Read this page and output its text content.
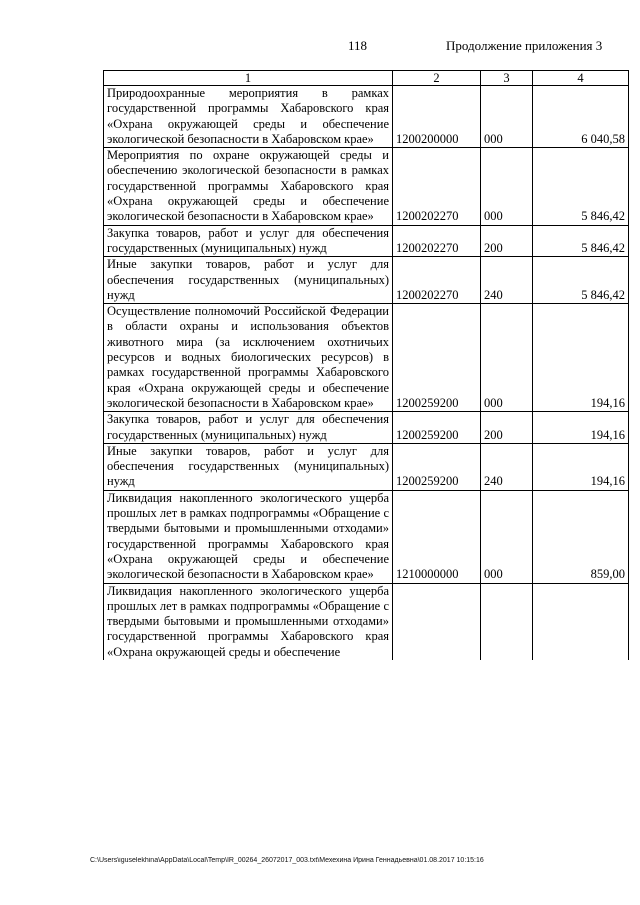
118	Продолжение приложения 3
1	2	3	4
Природоохранные мероприятия в рамках государственной программы Хабаровского края «Охрана окружающей среды и обеспечение экологической безопасности в Хабаровском крае»	1200200000	000	6 040,58
Мероприятия по охране окружающей среды и обеспечению экологической безопасности в рамках государственной программы Хабаровского края «Охрана окружающей среды и обеспечение экологической безопасности в Хабаровском крае»	1200202270	000	5 846,42
Закупка товаров, работ и услуг для обеспечения государственных (муниципальных) нужд	1200202270	200	5 846,42
Иные закупки товаров, работ и услуг для обеспечения государственных (муниципальных) нужд	1200202270	240	5 846,42
Осуществление полномочий Российской Федерации в области охраны и использования объектов животного мира (за исключением охотничьих ресурсов и водных биологических ресурсов) в рамках государственной программы Хабаровского края «Охрана окружающей среды и обеспечение экологической безопасности в Хабаровском крае»	1200259200	000	194,16
Закупка товаров, работ и услуг для обеспечения государственных (муниципальных) нужд	1200259200	200	194,16
Иные закупки товаров, работ и услуг для обеспечения государственных (муниципальных) нужд	1200259200	240	194,16
Ликвидация накопленного экологического ущерба прошлых лет в рамках подпрограммы «Обращение с твердыми бытовыми и промышленными отходами» государственной программы Хабаровского края «Охрана окружающей среды и обеспечение экологической безопасности в Хабаровском крае»	1210000000	000	859,00
Ликвидация накопленного экологического ущерба прошлых лет в рамках подпрограммы «Обращение с твердыми бытовыми и промышленными отходами» государственной программы Хабаровского края «Охрана окружающей среды и обеспечение			
C:\Users\iguselekhina\AppData\Local\Temp\IR_00264_26072017_003.txt\Мехехина Ирина Геннадьевна\01.08.2017 10:15:16
